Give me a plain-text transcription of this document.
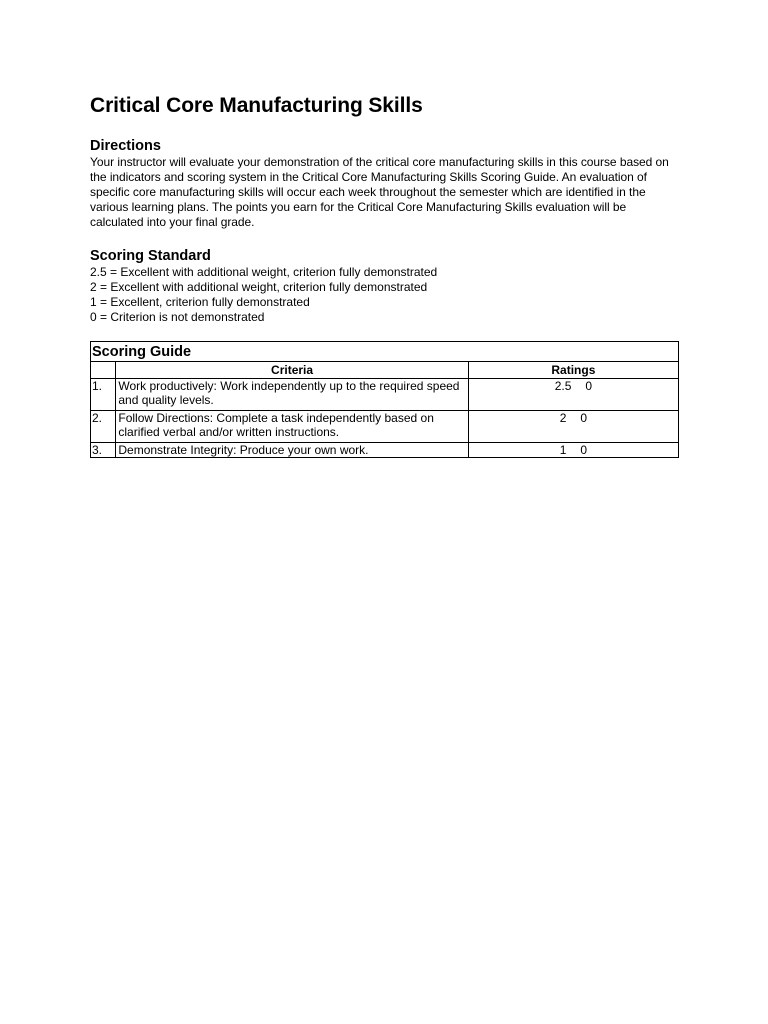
Critical Core Manufacturing Skills
Directions

Your instructor will evaluate your demonstration of the critical core manufacturing skills in this course based on the indicators and scoring system in the Critical Core Manufacturing Skills Scoring Guide. An evaluation of specific core manufacturing skills will occur each week throughout the semester which are identified in the various learning plans. The points you earn for the Critical Core Manufacturing Skills evaluation will be calculated into your final grade.

Scoring Standard
2.5 = Excellent with additional weight, criterion fully demonstrated
2 = Excellent with additional weight, criterion fully demonstrated
1 = Excellent, criterion fully demonstrated
0 = Criterion is not demonstrated
Scoring Guide		
	Criteria	Ratings
1.	Work productively: Work independently up to the required speed and quality levels.	2.5 0
2.	Follow Directions: Complete a task independently based on clarified verbal and/or written instructions.	2 0
3.	Demonstrate Integrity: Produce your own work.	1 0
